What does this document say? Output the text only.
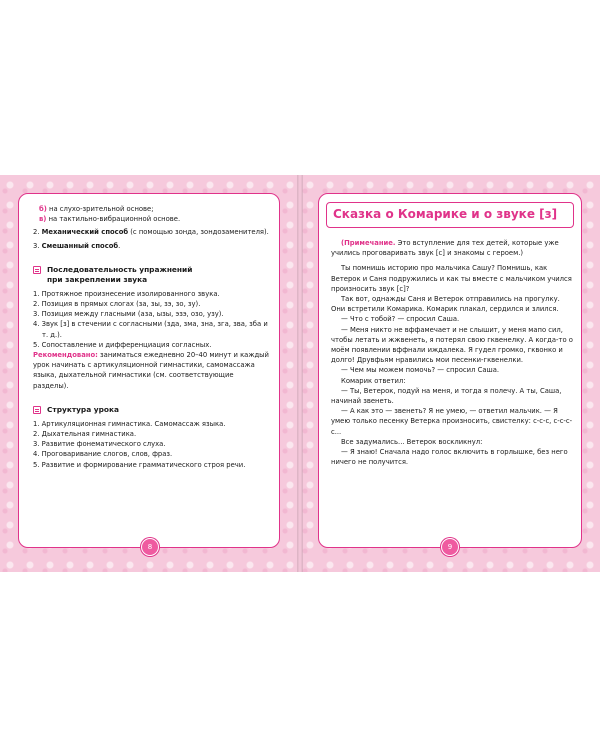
б) на слухо-зрительной основе;

в) на тактильно-вибрационной основе.

2. Механический способ (с помощью зонда, зондозаменителя).

3. Смешанный способ.

Последовательность упражнений
при закреплении звука
1. Протяжное произнесение изолированного звука.
2. Позиция в прямых слогах (за, зы, зэ, зо, зу).
3. Позиция между гласными (аза, ызы, эзэ, озо, узу).
4. Звук [з] в стечении с согласными (зда, зма, зна, зга, зва, зба и т. д.).
5. Сопоставление и дифференциация согласных.

Рекомендовано: заниматься ежедневно 20–40 минут и каждый урок начинать с артикуляционной гимнастики, самомассажа языка, дыхательной гимнастики (см. соответствующие разделы).

Структура урока
1. Артикуляционная гимнастика. Самомассаж языка.
2. Дыхательная гимнастика.
3. Развитие фонематического слуха.
4. Проговаривание слогов, слов, фраз.
5. Развитие и формирование грамматического строя речи.
8
Сказка о Комарике и о звуке [з]

(Примечание. Это вступление для тех детей, которые уже учились проговаривать звук [с] и знакомы с героем.)

Ты помнишь историю про мальчика Сашу? Помнишь, как Ветерок и Саня подружились и как ты вместе с мальчиком учился произносить звук [с]?

Так вот, однажды Саня и Ветерок отправились на прогулку. Они встретили Комарика. Комарик плакал, сердился и злился.

— Что с тобой? — спросил Саша.

— Меня никто не вффамечает и не слышит, у меня мапо сил, чтобы летать и жжвенеть, я потерял свою гквенелку. А когда-то о моём появлении вффнали иждалека. Я гудел громко, гквонко и долго! Друвфьям нравились мои песенки-гквенелки.

— Чем мы можем помочь? — спросил Саша.

Комарик ответил:

— Ты, Ветерок, подуй на меня, и тогда я полечу. А ты, Саша, начинай звенеть.

— А как это — звенеть? Я не умею, — ответил мальчик. — Я умею только песенку Ветерка произносить, свистелку: с-с-с, с-с-с-с...

Все задумались... Ветерок воскликнул:

— Я знаю! Сначала надо голос включить в горлышке, без него ничего не получится.

9
